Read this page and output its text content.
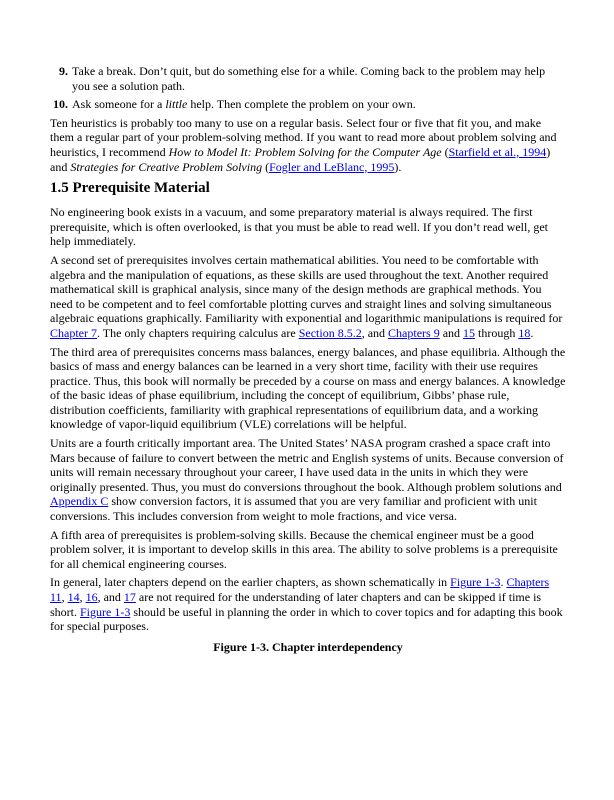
9. Take a break. Don’t quit, but do something else for a while. Coming back to the problem may help you see a solution path.
10. Ask someone for a little help. Then complete the problem on your own.

Ten heuristics is probably too many to use on a regular basis. Select four or five that fit you, and make them a regular part of your problem-solving method. If you want to read more about problem solving and heuristics, I recommend How to Model It: Problem Solving for the Computer Age (Starfield et al., 1994) and Strategies for Creative Problem Solving (Fogler and LeBlanc, 1995).

1.5 Prerequisite Material

No engineering book exists in a vacuum, and some preparatory material is always required. The first prerequisite, which is often overlooked, is that you must be able to read well. If you don’t read well, get help immediately.

A second set of prerequisites involves certain mathematical abilities. You need to be comfortable with algebra and the manipulation of equations, as these skills are used throughout the text. Another required mathematical skill is graphical analysis, since many of the design methods are graphical methods. You need to be competent and to feel comfortable plotting curves and straight lines and solving simultaneous algebraic equations graphically. Familiarity with exponential and logarithmic manipulations is required for Chapter 7. The only chapters requiring calculus are Section 8.5.2, and Chapters 9 and 15 through 18.

The third area of prerequisites concerns mass balances, energy balances, and phase equilibria. Although the basics of mass and energy balances can be learned in a very short time, facility with their use requires practice. Thus, this book will normally be preceded by a course on mass and energy balances. A knowledge of the basic ideas of phase equilibrium, including the concept of equilibrium, Gibbs’ phase rule, distribution coefficients, familiarity with graphical representations of equilibrium data, and a working knowledge of vapor-liquid equilibrium (VLE) correlations will be helpful.

Units are a fourth critically important area. The United States’ NASA program crashed a space craft into Mars because of failure to convert between the metric and English systems of units. Because conversion of units will remain necessary throughout your career, I have used data in the units in which they were originally presented. Thus, you must do conversions throughout the book. Although problem solutions and Appendix C show conversion factors, it is assumed that you are very familiar and proficient with unit conversions. This includes conversion from weight to mole fractions, and vice versa.

A fifth area of prerequisites is problem-solving skills. Because the chemical engineer must be a good problem solver, it is important to develop skills in this area. The ability to solve problems is a prerequisite for all chemical engineering courses.

In general, later chapters depend on the earlier chapters, as shown schematically in Figure 1-3. Chapters 11, 14, 16, and 17 are not required for the understanding of later chapters and can be skipped if time is short. Figure 1-3 should be useful in planning the order in which to cover topics and for adapting this book for special purposes.

Figure 1-3. Chapter interdependency
